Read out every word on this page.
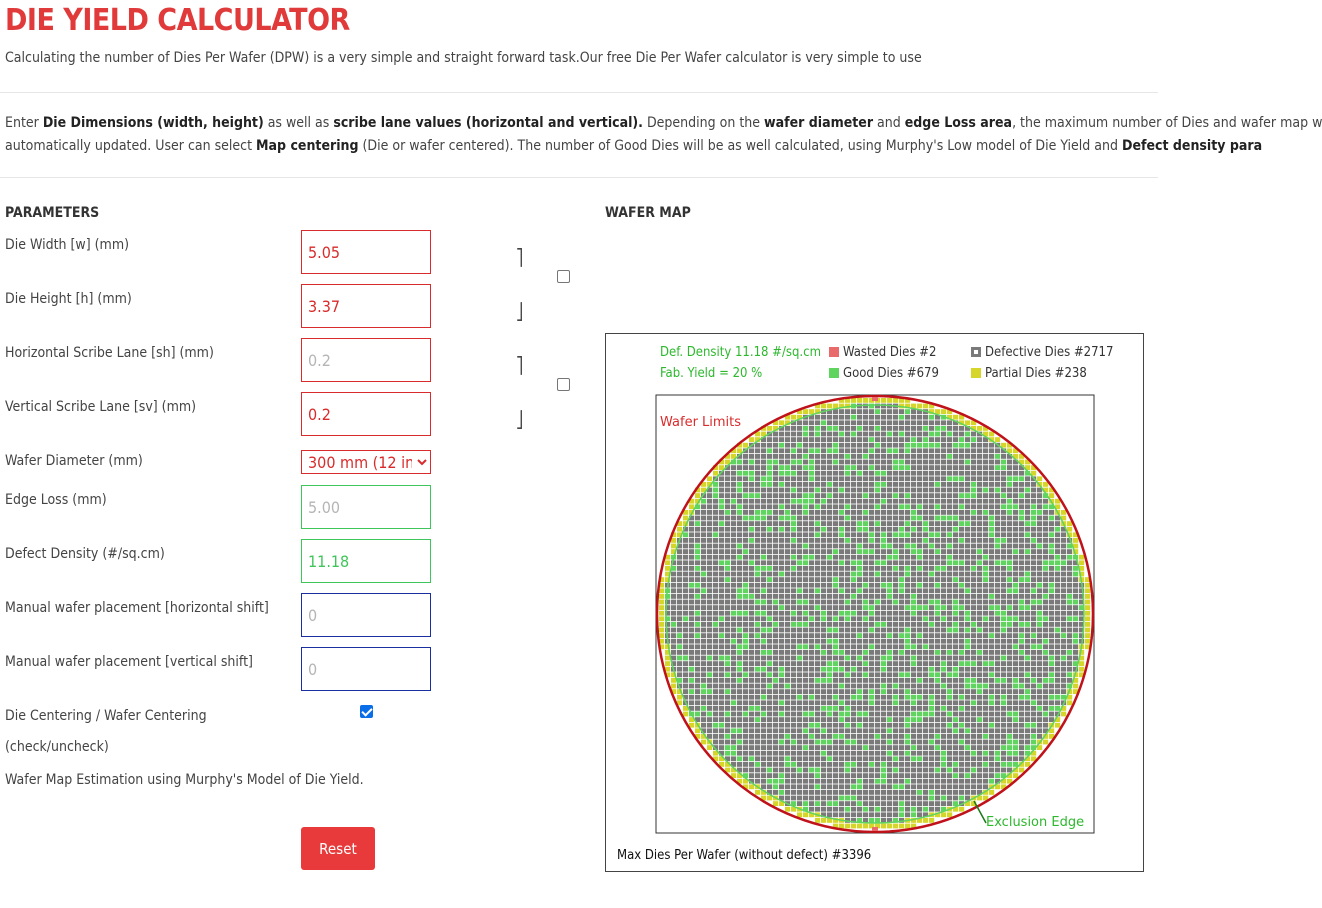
DIE YIELD CALCULATOR
Calculating the number of Dies Per Wafer (DPW) is a very simple and straight forward task.Our free Die Per Wafer calculator is very simple to use
Enter Die Dimensions (width, height) as well as scribe lane values (horizontal and vertical). Depending on the wafer diameter and edge Loss area, the maximum number of Dies and wafer map w
automatically updated. User can select Map centering (Die or wafer centered). The number of Good Dies will be as well calculated, using Murphy's Low model of Die Yield and Defect density para
PARAMETERS	WAFER MAP
Die Width [w] (mm)
Die Height [h] (mm)
Horizontal Scribe Lane [sh] (mm)
Vertical Scribe Lane [sv] (mm)
Wafer Diameter (mm)
Edge Loss (mm)
Defect Density (#/sq.cm)
Manual wafer placement [horizontal shift]
Manual wafer placement [vertical shift]
Die Centering / Wafer Centering
(check/uncheck)
Wafer Map Estimation using Murphy's Model of Die Yield.
5.05
3.37
0.2
0.2
300 mm (12 in
5.00
11.18
0
0
⎤
⎦
⎤
⎦
Reset
Def. Density 11.18 #/sq.cm
Fab. Yield = 20 %
Wasted Dies #2
Good Dies #679
Defective Dies #2717
Partial Dies #238
Wafer Limits
Exclusion Edge
Max Dies Per Wafer (without defect) #3396
